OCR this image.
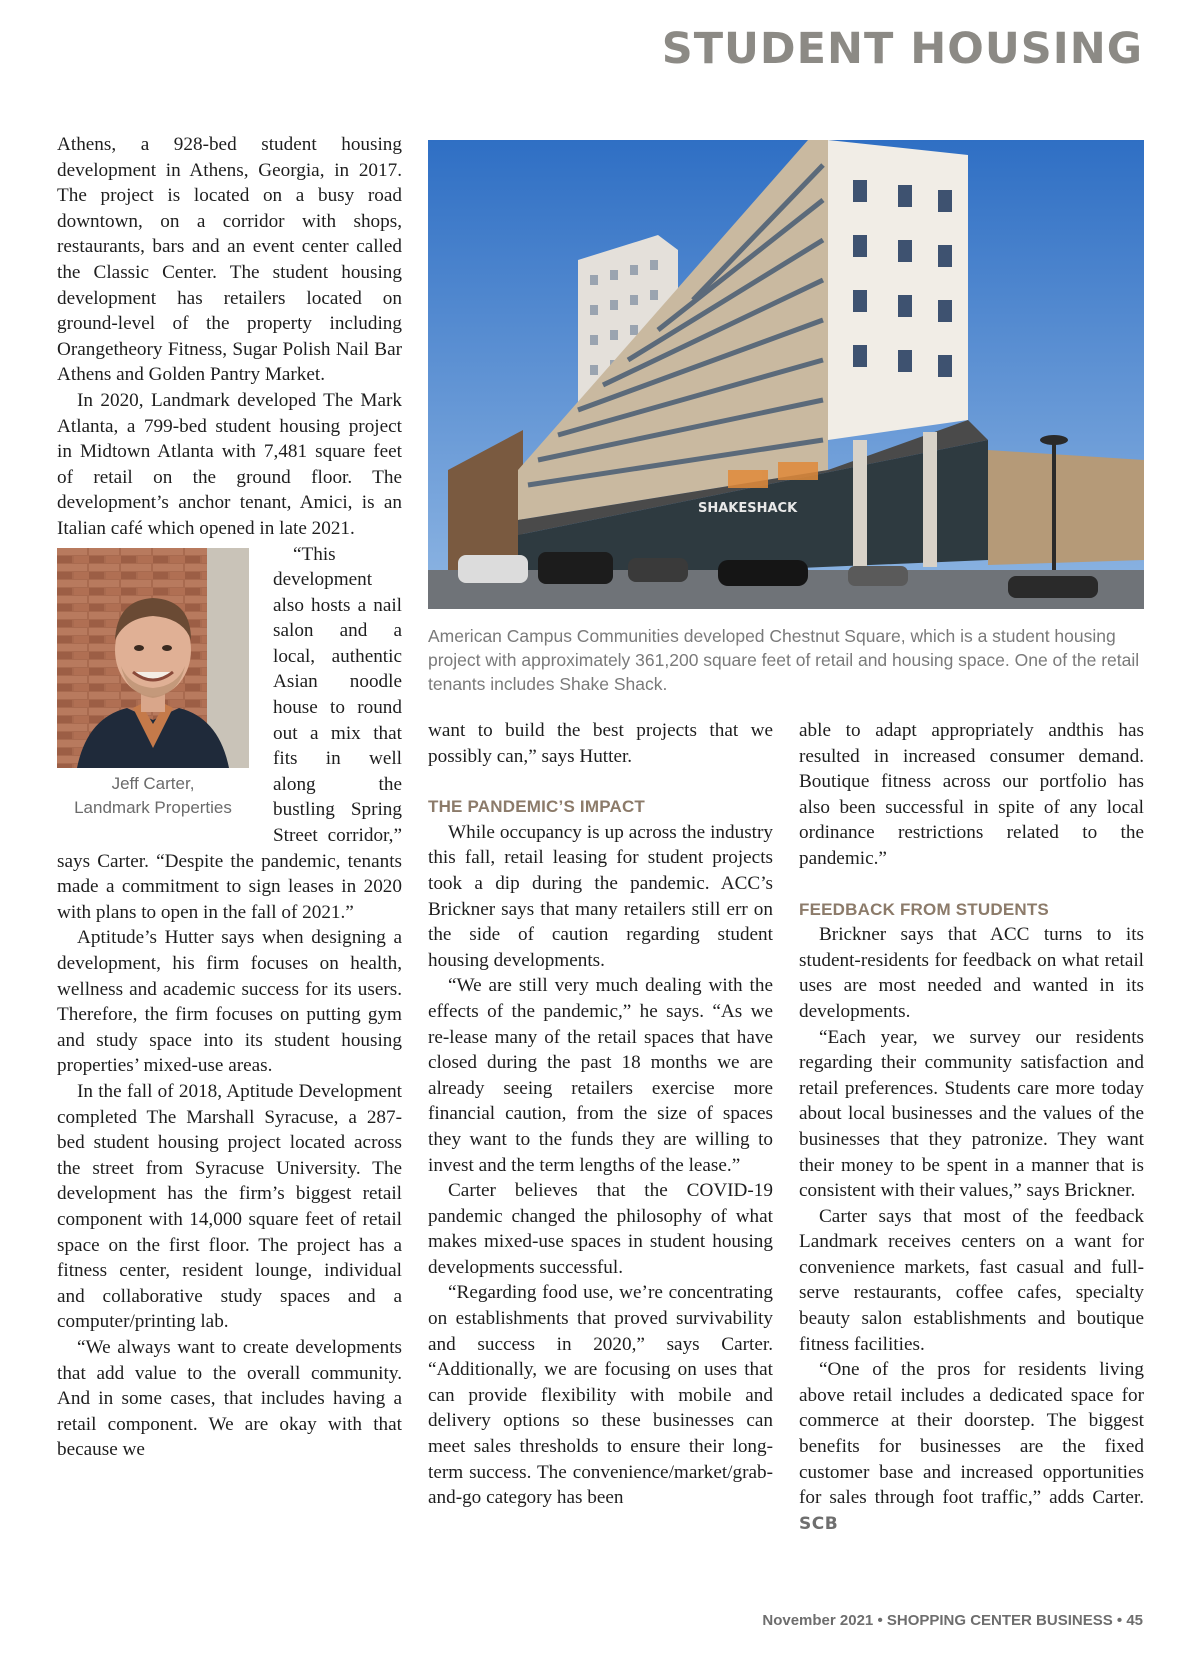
STUDENT HOUSING

Athens, a 928-bed student housing development in Athens, Georgia, in 2017. The project is located on a busy road downtown, on a corridor with shops, restaurants, bars and an event center called the Classic Center. The student housing development has retailers located on ground-level of the property including Orangetheory Fitness, Sugar Polish Nail Bar Athens and Golden Pantry Market.

In 2020, Landmark developed The Mark Atlanta, a 799-bed student housing project in Midtown Atlanta with 7,481 square feet of retail on the ground floor. The development’s anchor tenant, Amici, is an Italian café which opened in late 2021.

Jeff Carter,
Landmark Properties

“This development also hosts a nail salon and a local, authentic Asian noodle house to round out a mix that fits in well along the bustling Spring Street corridor,” says Carter. “Despite the pandemic, tenants made a commitment to sign leases in 2020 with plans to open in the fall of 2021.”

Aptitude’s Hutter says when designing a development, his firm focuses on health, wellness and academic success for its users. Therefore, the firm focuses on putting gym and study space into its student housing properties’ mixed-use areas.

In the fall of 2018, Aptitude Development completed The Marshall Syracuse, a 287-bed student housing project located across the street from Syracuse University. The development has the firm’s biggest retail component with 14,000 square feet of retail space on the first floor. The project has a fitness center, resident lounge, individual and collaborative study spaces and a computer/printing lab.

“We always want to create developments that add value to the overall community. And in some cases, that includes having a retail component. We are okay with that because we

SHAKESHACK
American Campus Communities developed Chestnut Square, which is a student housing project with approximately 361,200 square feet of retail and housing space. One of the retail tenants includes Shake Shack.

want to build the best projects that we possibly can,” says Hutter.

THE PANDEMIC’S IMPACT

While occupancy is up across the industry this fall, retail leasing for student projects took a dip during the pandemic. ACC’s Brickner says that many retailers still err on the side of caution regarding student housing developments.

“We are still very much dealing with the effects of the pandemic,” he says. “As we re-lease many of the retail spaces that have closed during the past 18 months we are already seeing retailers exercise more financial caution, from the size of spaces they want to the funds they are willing to invest and the term lengths of the lease.”

Carter believes that the COVID-19 pandemic changed the philosophy of what makes mixed-use spaces in student housing developments successful.

“Regarding food use, we’re concentrating on establishments that proved survivability and success in 2020,” says Carter. “Additionally, we are focusing on uses that can provide flexibility with mobile and delivery options so these businesses can meet sales thresholds to ensure their long-term success. The convenience/market/grab-and-go category has been

able to adapt appropriately andthis has resulted in increased consumer demand. Boutique fitness across our portfolio has also been successful in spite of any local ordinance restrictions related to the pandemic.”

FEEDBACK FROM STUDENTS

Brickner says that ACC turns to its student-residents for feedback on what retail uses are most needed and wanted in its developments.

“Each year, we survey our residents regarding their community satisfaction and retail preferences. Students care more today about local businesses and the values of the businesses that they patronize. They want their money to be spent in a manner that is consistent with their values,” says Brickner.

Carter says that most of the feedback Landmark receives centers on a want for convenience markets, fast casual and full-serve restaurants, coffee cafes, specialty beauty salon establishments and boutique fitness facilities.

“One of the pros for residents living above retail includes a dedicated space for commerce at their doorstep. The biggest benefits for businesses are the fixed customer base and increased opportunities for sales through foot traffic,” adds Carter. SCB

November 2021 • SHOPPING CENTER BUSINESS • 45
